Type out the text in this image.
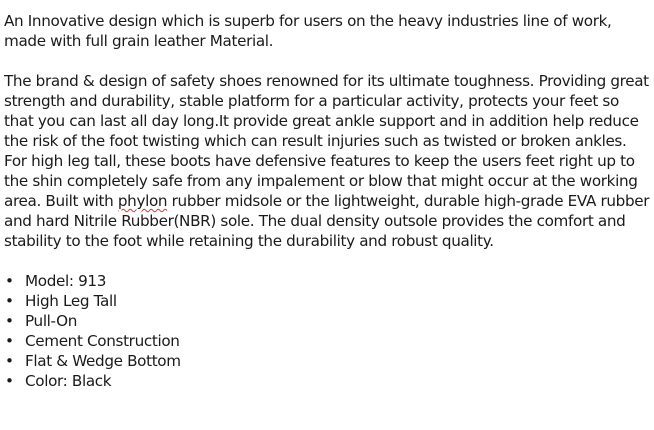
An Innovative design which is superb for users on the heavy industries line of work, made with full grain leather Material.

The brand & design of safety shoes renowned for its ultimate toughness. Providing great strength and durability, stable platform for a particular activity, protects your feet so that you can last all day long.It provide great ankle support and in addition help reduce the risk of the foot twisting which can result injuries such as twisted or broken ankles. For high leg tall, these boots have defensive features to keep the users feet right up to the shin completely safe from any impalement or blow that might occur at the working area. Built with phylon rubber midsole or the lightweight, durable high-grade EVA rubber and hard Nitrile Rubber(NBR) sole. The dual density outsole provides the comfort and stability to the foot while retaining the durability and robust quality.

• Model: 913
• High Leg Tall
• Pull-On
• Cement Construction
• Flat & Wedge Bottom
• Color: Black
